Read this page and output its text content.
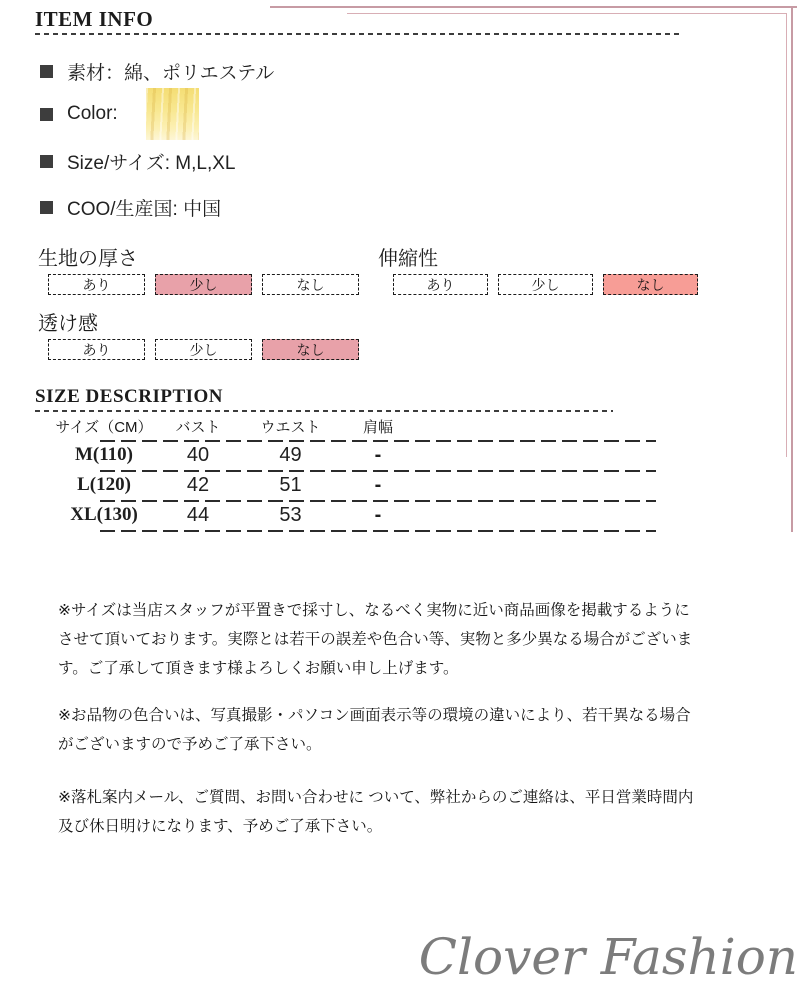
ITEM INFO
素材：綿、ポリエステル
Color:
Size/サイズ: M,L,XL
COO/生産国: 中国
生地の厚さ
あり	少し	なし
伸縮性
あり	少し	なし
透け感
あり	少し	なし
SIZE DESCRIPTION
サイズ（CM）	バスト	ウエスト	肩幅
M(110)	40	49	-
L(120)	42	51	-
XL(130)	44	53	-
※サイズは当店スタッフが平置きで採寸し、なるべく実物に近い商品画像を掲載するようにさせて頂いております。実際とは若干の誤差や色合い等、実物と多少異なる場合がございます。ご了承して頂きます様よろしくお願い申し上げます。
※お品物の色合いは、写真撮影・パソコン画面表示等の環境の違いにより、若干異なる場合がございますので予めご了承下さい。
※落札案内メール、ご質問、お問い合わせに ついて、弊社からのご連絡は、平日営業時間内及び休日明けになります、予めご了承下さい。
Clover Fashion
